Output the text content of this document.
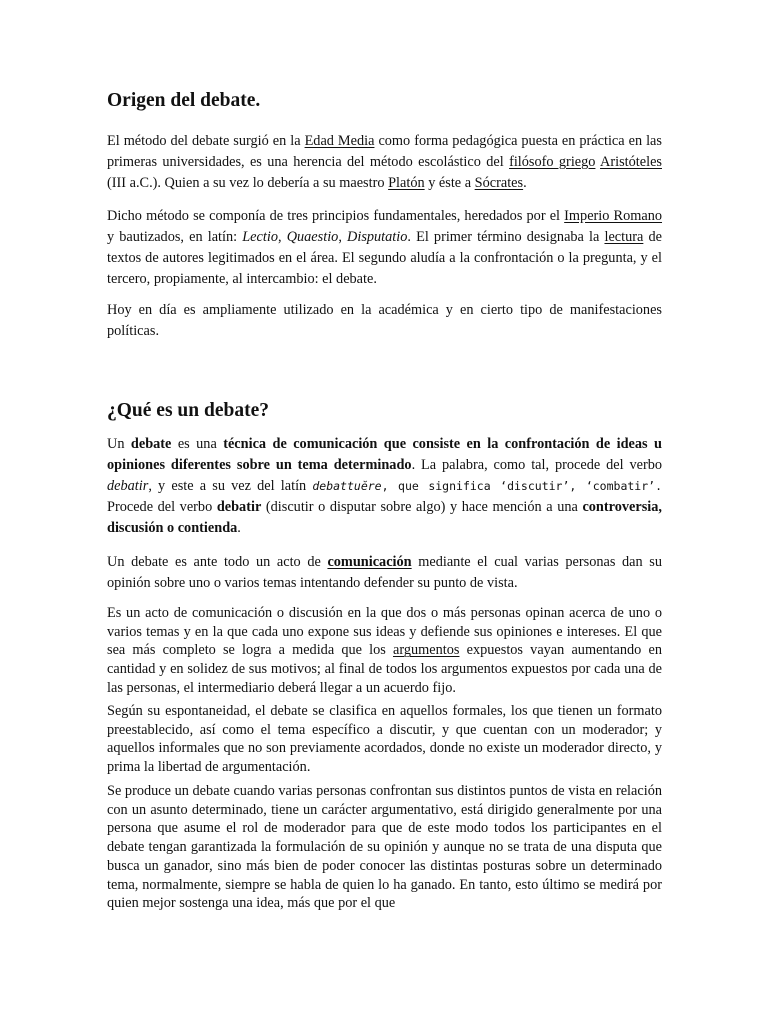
Origen del debate.

El método del debate surgió en la Edad Media como forma pedagógica puesta en práctica en las primeras universidades, es una herencia del método escolástico del filósofo griego Aristóteles (III a.C.). Quien a su vez lo debería a su maestro Platón y éste a Sócrates.

Dicho método se componía de tres principios fundamentales, heredados por el Imperio Romano y bautizados, en latín: Lectio, Quaestio, Disputatio. El primer término designaba la lectura de textos de autores legitimados en el área. El segundo aludía a la confrontación o la pregunta, y el tercero, propiamente, al intercambio: el debate.

Hoy en día es ampliamente utilizado en la académica y en cierto tipo de manifestaciones políticas.

¿Qué es un debate?

Un debate es una técnica de comunicación que consiste en la confrontación de ideas u opiniones diferentes sobre un tema determinado. La palabra, como tal, procede del verbo debatir, y este a su vez del latín debattuĕre, que significa ‘discutir’, ‘combatir’. Procede del verbo debatir (discutir o disputar sobre algo) y hace mención a una controversia, discusión o contienda.

Un debate es ante todo un acto de comunicación mediante el cual varias personas dan su opinión sobre uno o varios temas intentando defender su punto de vista.

Es un acto de comunicación o discusión en la que dos o más personas opinan acerca de uno o varios temas y en la que cada uno expone sus ideas y defiende sus opiniones e intereses. El que sea más completo se logra a medida que los argumentos expuestos vayan aumentando en cantidad y en solidez de sus motivos; al final de todos los argumentos expuestos por cada una de las personas, el intermediario deberá llegar a un acuerdo fijo.

Según su espontaneidad, el debate se clasifica en aquellos formales, los que tienen un formato preestablecido, así como el tema específico a discutir, y que cuentan con un moderador; y aquellos informales que no son previamente acordados, donde no existe un moderador directo, y prima la libertad de argumentación.

Se produce un debate cuando varias personas confrontan sus distintos puntos de vista en relación con un asunto determinado, tiene un carácter argumentativo, está dirigido generalmente por una persona que asume el rol de moderador para que de este modo todos los participantes en el debate tengan garantizada la formulación de su opinión y aunque no se trata de una disputa que busca un ganador, sino más bien de poder conocer las distintas posturas sobre un determinado tema, normalmente, siempre se habla de quien lo ha ganado. En tanto, esto último se medirá por quien mejor sostenga una idea, más que por el que
